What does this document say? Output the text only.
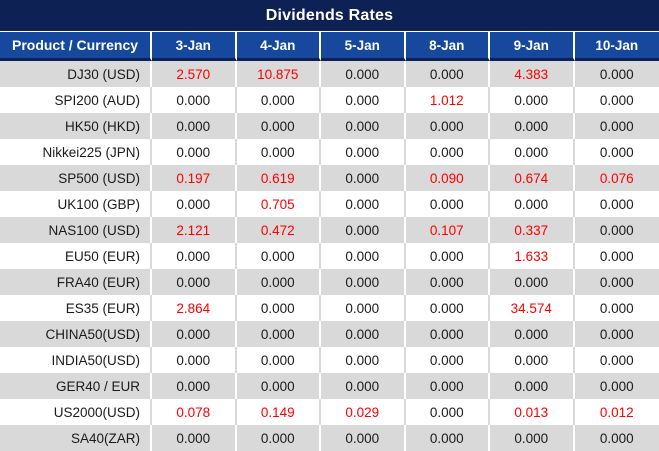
Dividends Rates
Product / Currency	3-Jan	4-Jan	5-Jan	8-Jan	9-Jan	10-Jan
DJ30 (USD)	2.570	10.875	0.000	0.000	4.383	0.000
SPI200 (AUD)	0.000	0.000	0.000	1.012	0.000	0.000
HK50 (HKD)	0.000	0.000	0.000	0.000	0.000	0.000
Nikkei225 (JPN)	0.000	0.000	0.000	0.000	0.000	0.000
SP500 (USD)	0.197	0.619	0.000	0.090	0.674	0.076
UK100 (GBP)	0.000	0.705	0.000	0.000	0.000	0.000
NAS100 (USD)	2.121	0.472	0.000	0.107	0.337	0.000
EU50 (EUR)	0.000	0.000	0.000	0.000	1.633	0.000
FRA40 (EUR)	0.000	0.000	0.000	0.000	0.000	0.000
ES35 (EUR)	2.864	0.000	0.000	0.000	34.574	0.000
CHINA50(USD)	0.000	0.000	0.000	0.000	0.000	0.000
INDIA50(USD)	0.000	0.000	0.000	0.000	0.000	0.000
GER40 / EUR	0.000	0.000	0.000	0.000	0.000	0.000
US2000(USD)	0.078	0.149	0.029	0.000	0.013	0.012
SA40(ZAR)	0.000	0.000	0.000	0.000	0.000	0.000
